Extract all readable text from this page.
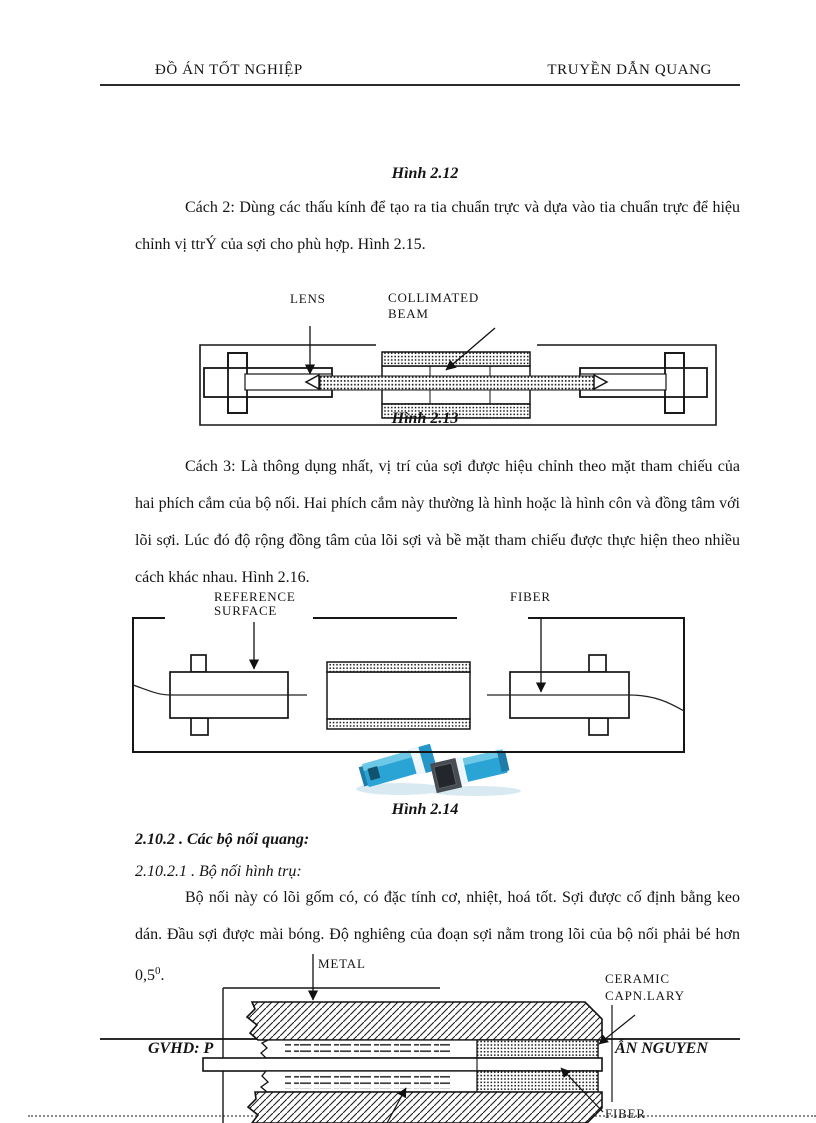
ĐỒ ÁN TỐT NGHIỆP	TRUYỀN DẪN QUANG
Hình 2.12
Cách 2: Dùng các thấu kính để tạo ra tia chuẩn trực và dựa vào tia chuẩn trực để hiệu chỉnh vị ttrÝ của sợi cho phù hợp. Hình 2.15.
LENS	COLLIMATED
BEAM
Hình 2.13
Cách 3: Là thông dụng nhất, vị trí của sợi được hiệu chỉnh theo mặt tham chiếu của hai phích cắm của bộ nối. Hai phích cắm này thường là hình hoặc là hình côn và đồng tâm với lõi sợi. Lúc đó độ rộng đồng tâm của lõi sợi và bề mặt tham chiếu được thực hiện theo nhiều cách khác nhau. Hình 2.16.
REFERENCE
SURFACE
FIBER
Hình 2.14
2.10.2 . Các bộ nối quang:
2.10.2.1 . Bộ nối hình trụ:
Bộ nối này có lõi gốm có, có đặc tính cơ, nhiệt, hoá tốt. Sợi được cố định bằng keo dán. Đầu sợi được mài bóng. Độ nghiêng của đoạn sợi nằm trong lõi của bộ nối phải bé hơn $0,5^0$.
METAL
CERAMIC
CAPN.LARY
FIBER
GVHD: P	ẪN NGUYEN
